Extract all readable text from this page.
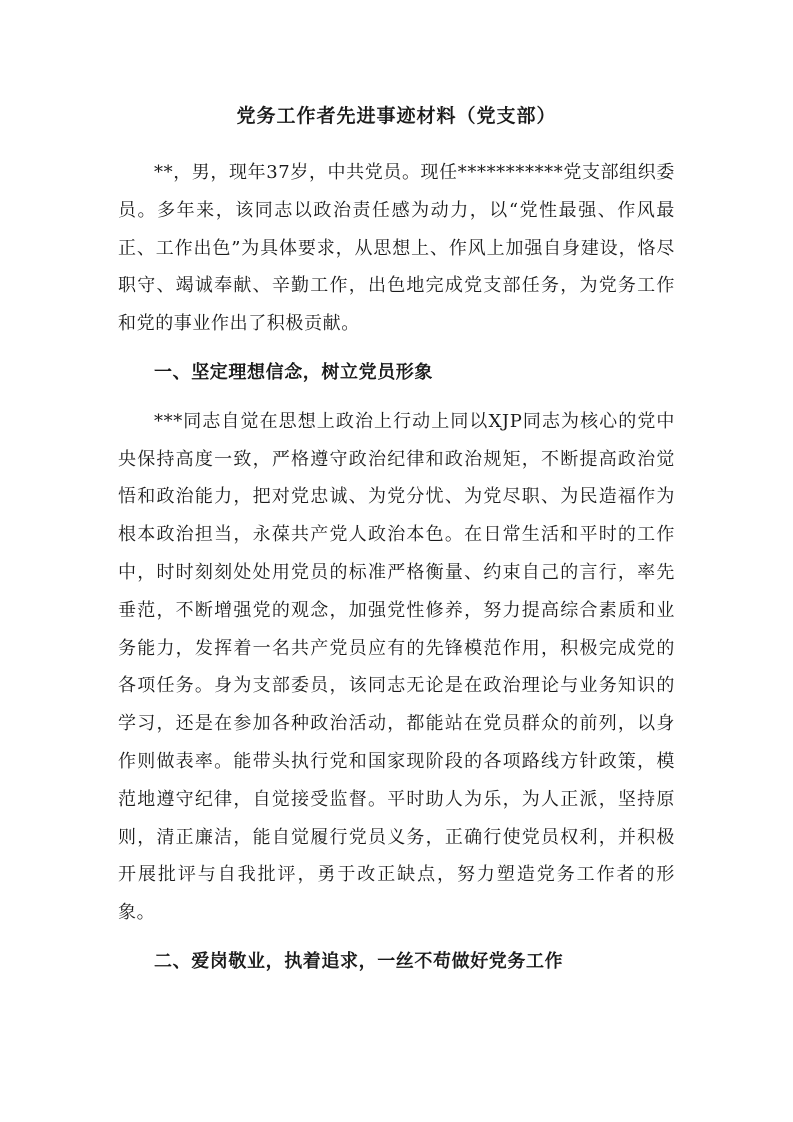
党务工作者先进事迹材料（党支部）

**，男，现年37岁，中共党员。现任***********党支部组织委员。多年来，该同志以政治责任感为动力，以“党性最强、作风最正、工作出色”为具体要求，从思想上、作风上加强自身建设，恪尽职守、竭诚奉献、辛勤工作，出色地完成党支部任务，为党务工作和党的事业作出了积极贡献。

一、坚定理想信念，树立党员形象

***同志自觉在思想上政治上行动上同以XJP同志为核心的党中央保持高度一致，严格遵守政治纪律和政治规矩，不断提高政治觉悟和政治能力，把对党忠诚、为党分忧、为党尽职、为民造福作为根本政治担当，永葆共产党人政治本色。在日常生活和平时的工作中，时时刻刻处处用党员的标准严格衡量、约束自己的言行，率先垂范，不断增强党的观念，加强党性修养，努力提高综合素质和业务能力，发挥着一名共产党员应有的先锋模范作用，积极完成党的各项任务。身为支部委员，该同志无论是在政治理论与业务知识的学习，还是在参加各种政治活动，都能站在党员群众的前列，以身作则做表率。能带头执行党和国家现阶段的各项路线方针政策，模范地遵守纪律，自觉接受监督。平时助人为乐，为人正派，坚持原则，清正廉洁，能自觉履行党员义务，正确行使党员权利，并积极开展批评与自我批评，勇于改正缺点，努力塑造党务工作者的形象。

二、爱岗敬业，执着追求，一丝不苟做好党务工作
